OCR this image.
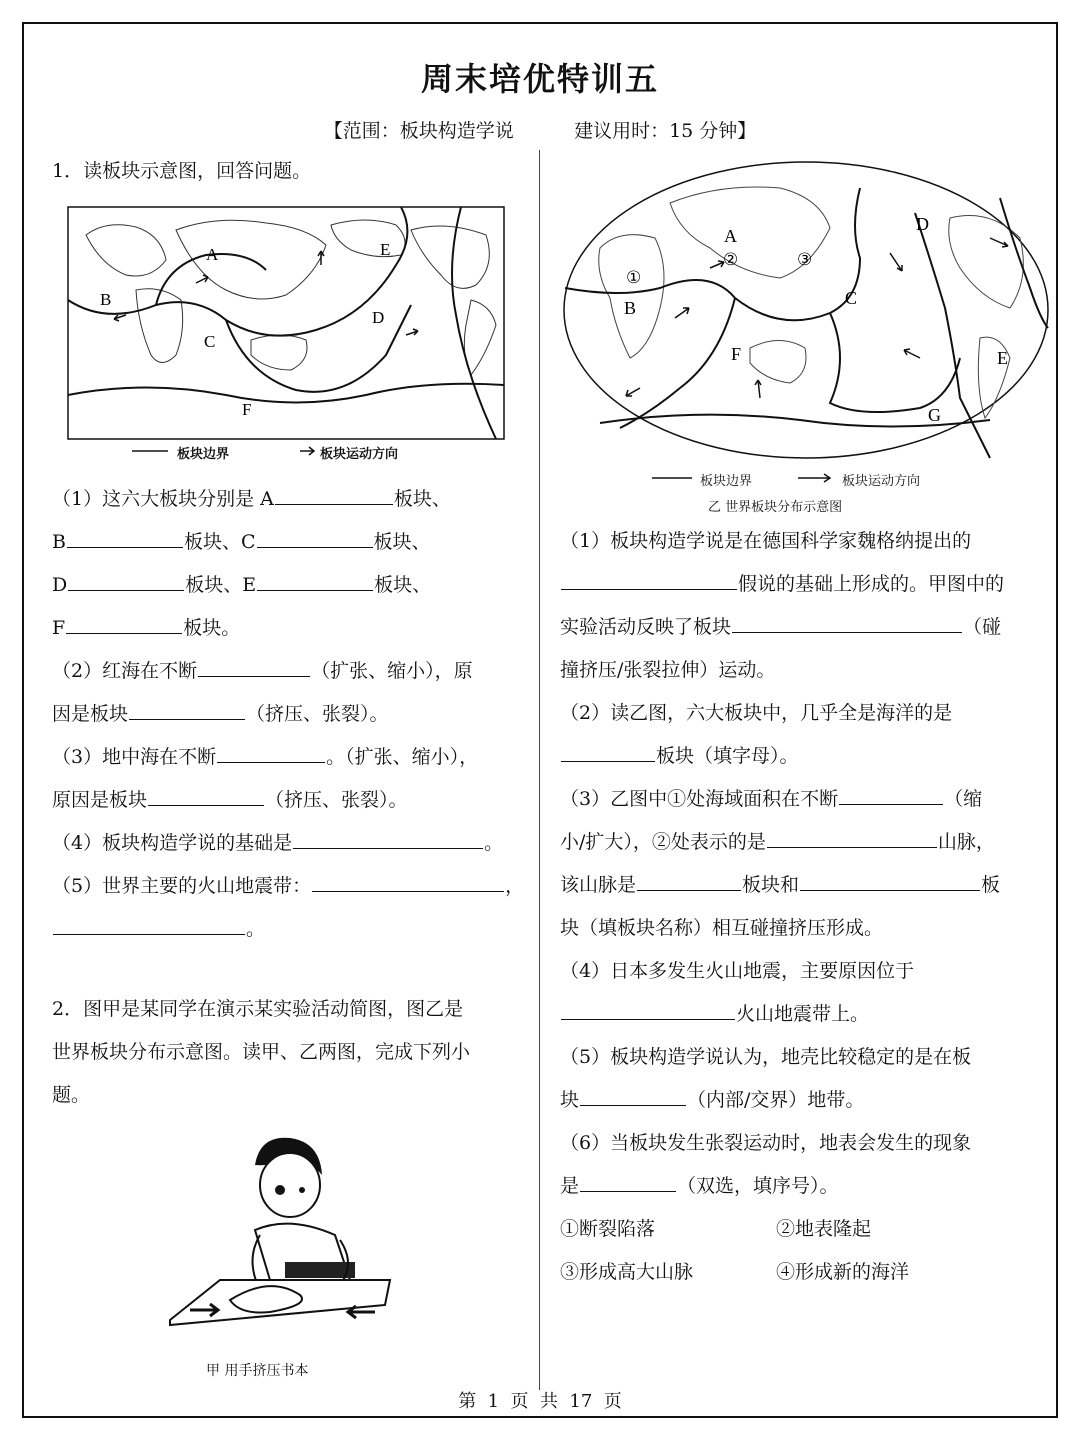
周末培优特训五
【范围：板块构造学说          建议用时：15 分钟】

1．读板块示意图，回答问题。

A
B
C
D
E
F
板块边界	板块运动方向

（1）这六大板块分别是 A	板块、

B	板块、C	板块、

D	板块、E	板块、

F	板块。

（2）红海在不断	（扩张、缩小），原

因是板块	（挤压、张裂）。

（3）地中海在不断	。（扩张、缩小），

原因是板块	（挤压、张裂）。

（4）板块构造学说的基础是	。

（5）世界主要的火山地震带：	，

。

2．图甲是某同学在演示某实验活动简图，图乙是

世界板块分布示意图。读甲、乙两图，完成下列小

题。

甲 用手挤压书本
A
B	C
D
E
F
G
①
②	③
板块边界	板块运动方向
乙 世界板块分布示意图

（1）板块构造学说是在德国科学家魏格纳提出的

假说的基础上形成的。甲图中的

实验活动反映了板块	（碰

撞挤压/张裂拉伸）运动。

（2）读乙图，六大板块中，几乎全是海洋的是

板块（填字母）。

（3）乙图中①处海域面积在不断	（缩

小/扩大），②处表示的是	山脉，

该山脉是	板块和	板

块（填板块名称）相互碰撞挤压形成。

（4）日本多发生火山地震，主要原因位于

火山地震带上。

（5）板块构造学说认为，地壳比较稳定的是在板

块	（内部/交界）地带。

（6）当板块发生张裂运动时，地表会发生的现象

是	（双选，填序号）。

①断裂陷落	②地表隆起

③形成高大山脉	④形成新的海洋

第  1  页  共  17  页
